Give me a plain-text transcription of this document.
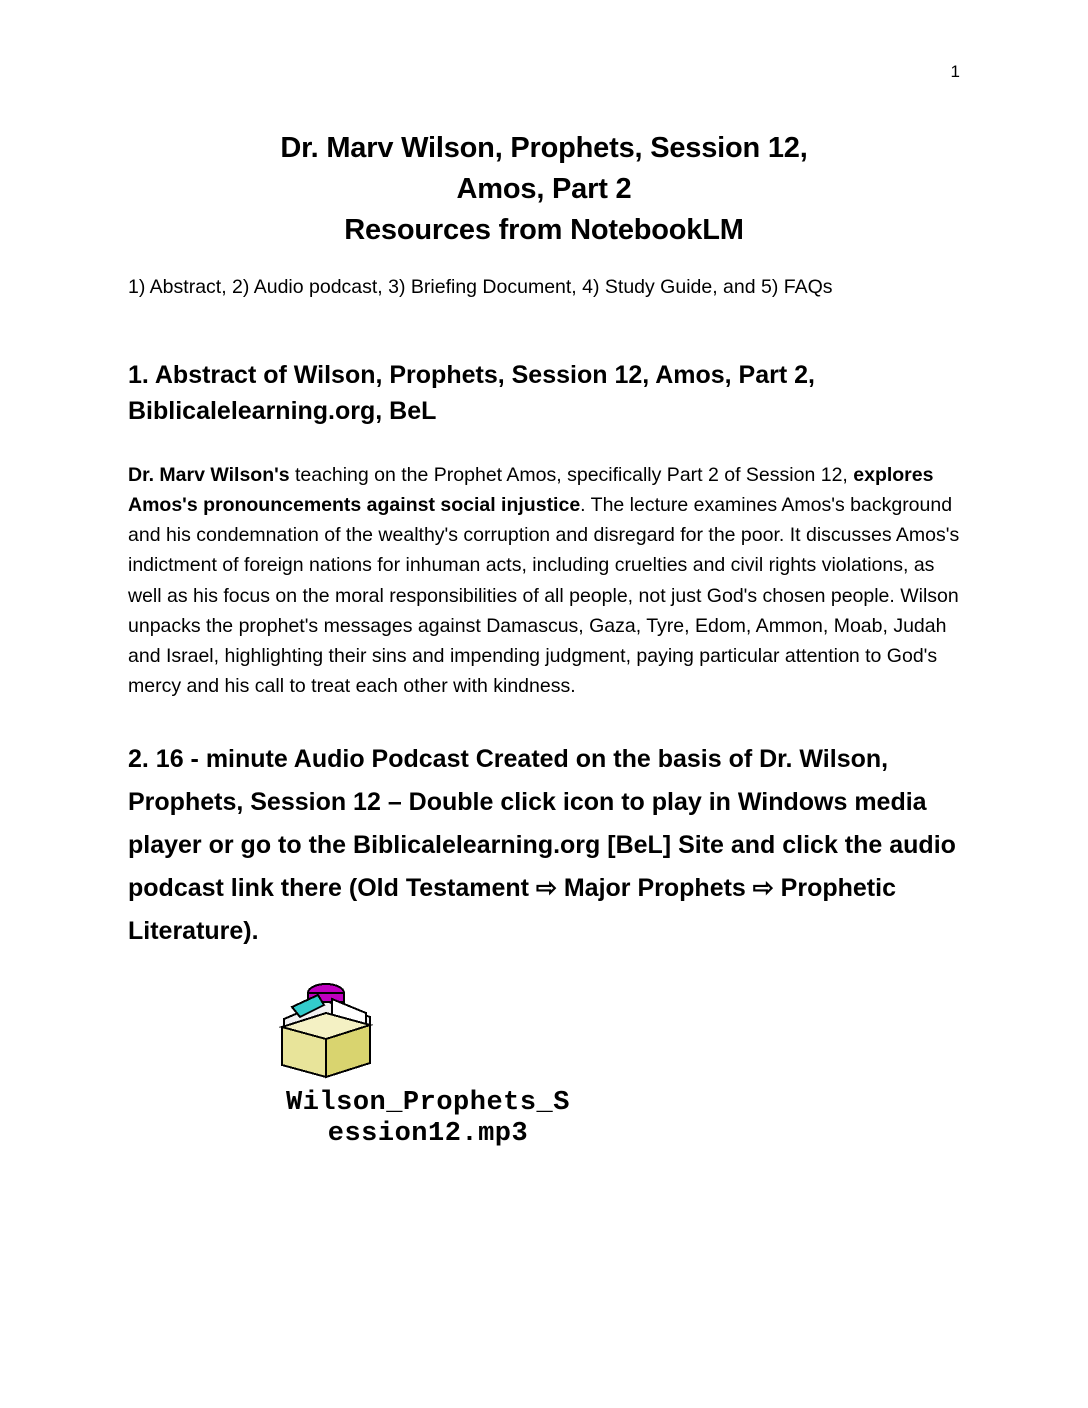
1
Dr. Marv Wilson, Prophets, Session 12,
Amos, Part 2
Resources from NotebookLM
1) Abstract, 2) Audio podcast, 3) Briefing Document, 4) Study Guide, and 5) FAQs
1. Abstract of Wilson, Prophets, Session 12, Amos, Part 2, Biblicalelearning.org, BeL
Dr. Marv Wilson's teaching on the Prophet Amos, specifically Part 2 of Session 12, explores Amos's pronouncements against social injustice. The lecture examines Amos's background and his condemnation of the wealthy's corruption and disregard for the poor. It discusses Amos's indictment of foreign nations for inhuman acts, including cruelties and civil rights violations, as well as his focus on the moral responsibilities of all people, not just God's chosen people. Wilson unpacks the prophet's messages against Damascus, Gaza, Tyre, Edom, Ammon, Moab, Judah and Israel, highlighting their sins and impending judgment, paying particular attention to God's mercy and his call to treat each other with kindness.
2. 16 - minute Audio Podcast Created on the basis of Dr. Wilson, Prophets, Session 12 – Double click icon to play in Windows media player or go to the Biblicalelearning.org [BeL] Site and click the audio podcast link there (Old Testament ⇨ Major Prophets ⇨ Prophetic Literature).
Wilson_Prophets_S
ession12.mp3
